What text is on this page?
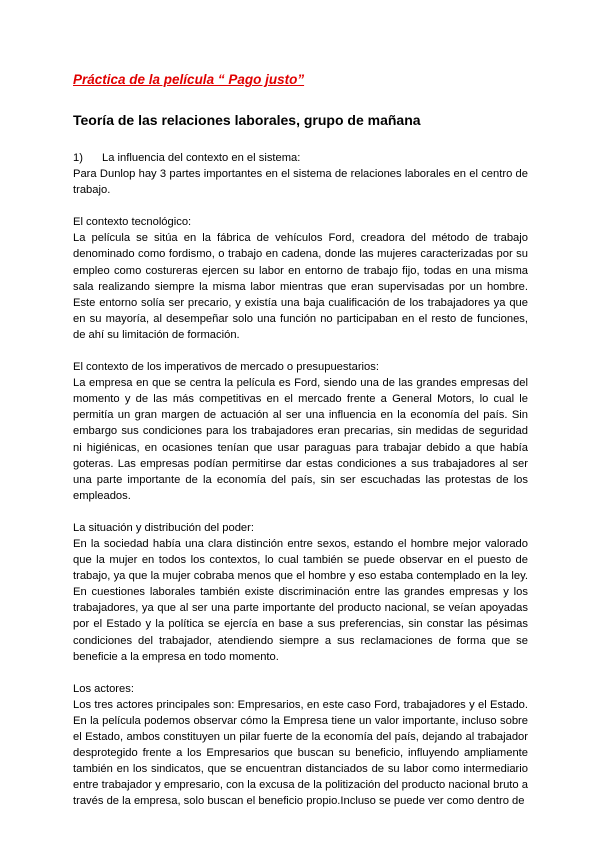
Práctica de la película “ Pago justo”
Teoría de las relaciones laborales, grupo de mañana

1) La influencia del contexto en el sistema:

Para Dunlop hay 3 partes importantes en el sistema de relaciones laborales en el centro de trabajo.

El contexto tecnológico:

La película se sitúa en la fábrica de vehículos Ford, creadora del método de trabajo denominado como fordismo, o trabajo en cadena, donde las mujeres caracterizadas por su empleo como costureras ejercen su labor en entorno de trabajo fijo, todas en una misma sala realizando siempre la misma labor mientras que eran supervisadas por un hombre. Este entorno solía ser precario, y existía una baja cualificación de los trabajadores ya que en su mayoría, al desempeñar solo una función no participaban en el resto de funciones, de ahí su limitación de formación.

El contexto de los imperativos de mercado o presupuestarios:

La empresa en que se centra la película es Ford, siendo una de las grandes empresas del momento y de las más competitivas en el mercado frente a General Motors, lo cual le permitía un gran margen de actuación al ser una influencia en la economía del país. Sin embargo sus condiciones para los trabajadores eran precarias, sin medidas de seguridad ni higiénicas, en ocasiones tenían que usar paraguas para trabajar debido a que había goteras. Las empresas podían permitirse dar estas condiciones a sus trabajadores al ser una parte importante de la economía del país, sin ser escuchadas las protestas de los empleados.

La situación y distribución del poder:

En la sociedad había una clara distinción entre sexos, estando el hombre mejor valorado que la mujer en todos los contextos, lo cual también se puede observar en el puesto de trabajo, ya que la mujer cobraba menos que el hombre y eso estaba contemplado en la ley. En cuestiones laborales también existe discriminación entre las grandes empresas y los trabajadores, ya que al ser una parte importante del producto nacional, se veían apoyadas por el Estado y la política se ejercía en base a sus preferencias, sin constar las pésimas condiciones del trabajador, atendiendo siempre a sus reclamaciones de forma que se beneficie a la empresa en todo momento.

Los actores:

Los tres actores principales son: Empresarios, en este caso Ford, trabajadores y el Estado. En la película podemos observar cómo la Empresa tiene un valor importante, incluso sobre el Estado, ambos constituyen un pilar fuerte de la economía del país, dejando al trabajador desprotegido frente a los Empresarios que buscan su beneficio, influyendo ampliamente también en los sindicatos, que se encuentran distanciados de su labor como intermediario entre trabajador y empresario, con la excusa de la politización del producto nacional bruto a través de la empresa, solo buscan el beneficio propio.Incluso se puede ver como dentro de
